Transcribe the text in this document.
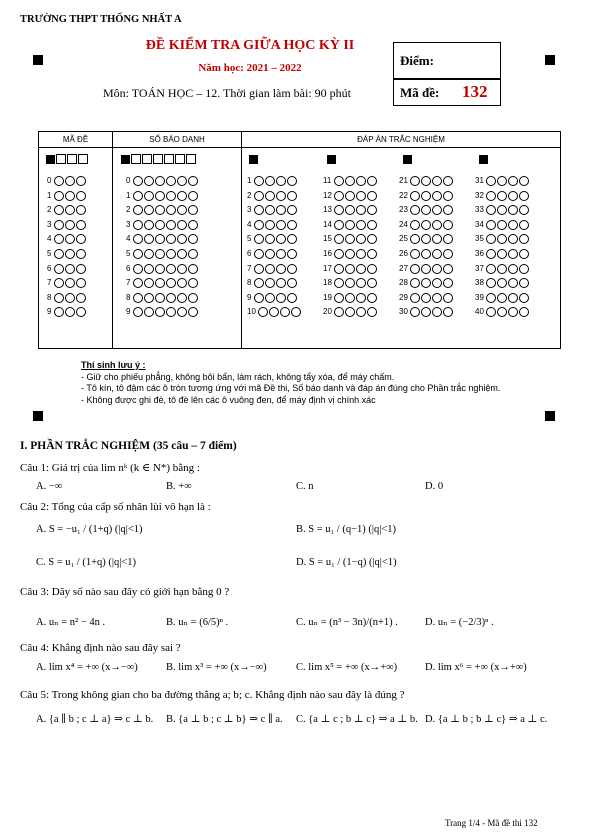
TRƯỜNG THPT THỐNG NHẤT A
ĐỀ KIỂM TRA GIỮA HỌC KỲ II
Năm học: 2021 – 2022
Môn: TOÁN HỌC – 12. Thời gian làm bài: 90 phút
Điểm:
Mã đề: 132
MÃ ĐỀ	SỐ BÁO DANH	ĐÁP ÁN TRẮC NGHIỆM
0	0	1	11	21	31
1	1	2	12	22	32
2	2	3	13	23	33
3	3	4	14	24	34
4	4	5	15	25	35
5	5	6	16	26	36
6	6	7	17	27	37
7	7	8	18	28	38
8	8	9	19	29	39
9	9	10	20	30	40
Thí sinh lưu ý :
- Giữ cho phiếu phẳng, không bôi bẩn, làm rách, không tẩy xóa, để máy chấm.
- Tô kín, tô đậm các ô tròn tương ứng với mã Đề thi, Số báo danh và đáp án đúng cho Phần trắc nghiệm.
- Không được ghi đè, tô đè lên các ô vuông đen, để máy định vị chính xác
I. PHẦN TRẮC NGHIỆM (35 câu – 7 điểm)
Câu 1: Giá trị của lim nᵏ (k ∈ N*) bằng :
A. −∞	B. +∞	C. n	D. 0
Câu 2: Tổng của cấp số nhân lùi vô hạn là :
A. S = −u₁ / (1+q) (|q|<1)	B. S = u₁ / (q−1) (|q|<1)
C. S = u₁ / (1+q) (|q|<1)	D. S = u₁ / (1−q) (|q|<1)
Câu 3: Dãy số nào sau đây có giới hạn bằng 0 ?
A. uₙ = n² − 4n .	B. uₙ = (6/5)ⁿ .	C. uₙ = (n³ − 3n)/(n+1) .	D. uₙ = (−2/3)ⁿ .
Câu 4: Khẳng định nào sau đây sai ?
A. lim x⁴ = +∞ (x→−∞)	B. lim x³ = +∞ (x→−∞)	C. lim x⁵ = +∞ (x→+∞)	D. lim x⁶ = +∞ (x→+∞)
Câu 5: Trong không gian cho ba đường thẳng a; b; c. Khẳng định nào sau đây là đúng ?
A. {a ∥ b ; c ⊥ a} ⇒ c ⊥ b. B. {a ⊥ b ; c ⊥ b} ⇒ c ∥ a. C. {a ⊥ c ; b ⊥ c} ⇒ a ⊥ b. D. {a ⊥ b ; b ⊥ c} ⇒ a ⊥ c.
Trang 1/4 - Mã đề thi 132
